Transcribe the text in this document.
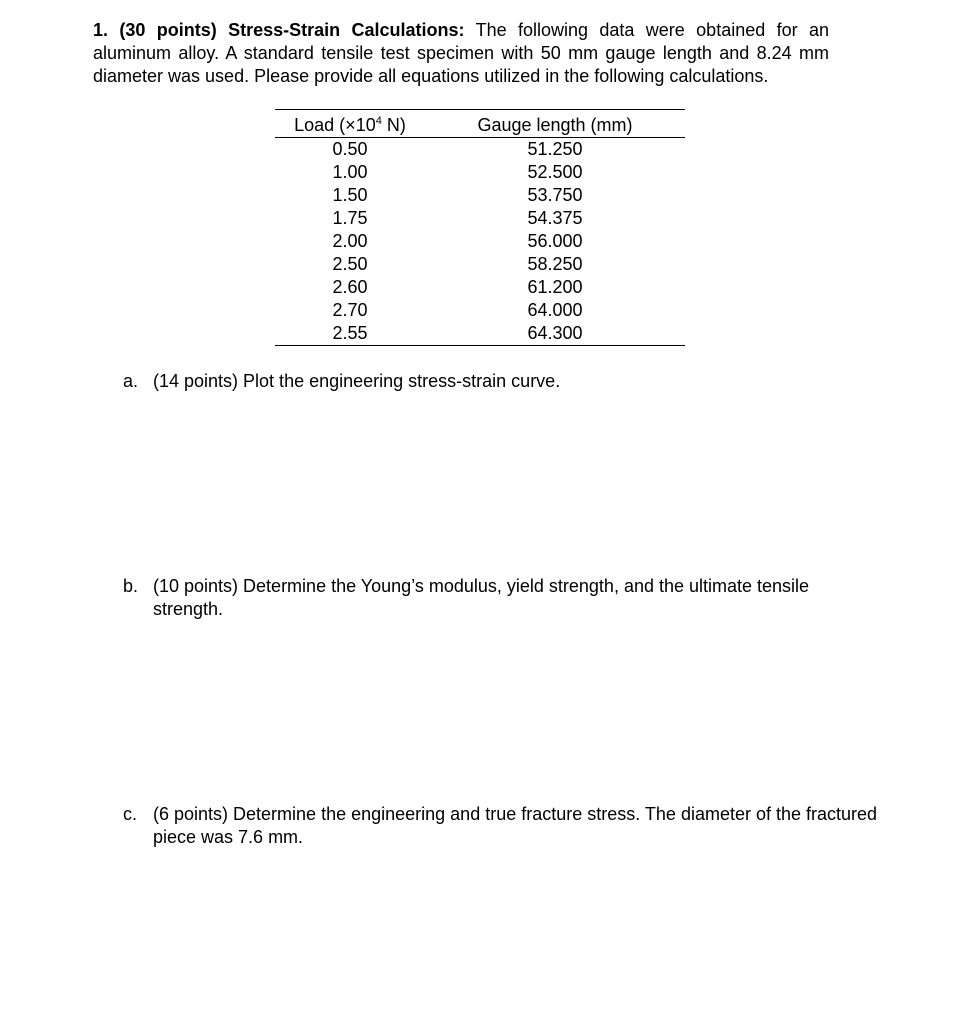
1. (30 points) Stress-Strain Calculations: The following data were obtained for an aluminum alloy. A standard tensile test specimen with 50 mm gauge length and 8.24 mm diameter was used. Please provide all equations utilized in the following calculations.

Load ($\times 10^4$ N)	Gauge length (mm)
0.50	51.250
1.00	52.500
1.50	53.750
1.75	54.375
2.00	56.000
2.50	58.250
2.60	61.200
2.70	64.000
2.55	64.300
a. (14 points) Plot the engineering stress-strain curve.
b. (10 points) Determine the Young’s modulus, yield strength, and the ultimate tensile strength.
c. (6 points) Determine the engineering and true fracture stress. The diameter of the fractured piece was 7.6 mm.
